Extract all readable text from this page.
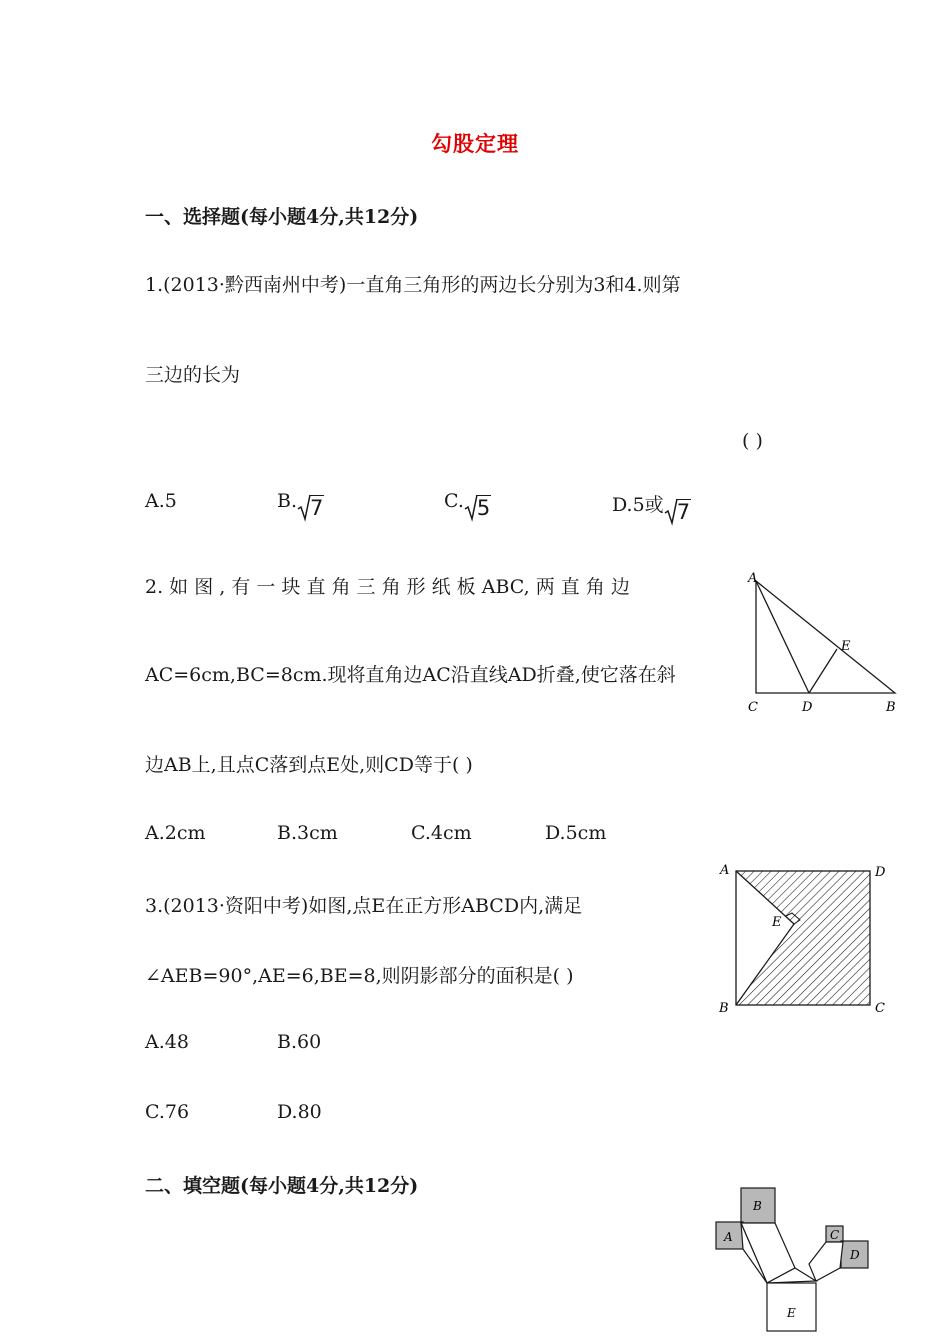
勾股定理
一、选择题(每小题4分,共12分)
1.(2013·黔西南州中考)一直角三角形的两边长分别为3和4.则第
三边的长为
( )
A.5	B. 7	C. 5	D.5或 7
2. 如 图 , 有 一 块 直 角 三 角 形 纸 板 ABC, 两 直 角 边
AC=6cm,BC=8cm.现将直角边AC沿直线AD折叠,使它落在斜
边AB上,且点C落到点E处,则CD等于( )
A
E
C	D	B
A.2cm	B.3cm	C.4cm	D.5cm
3.(2013·资阳中考)如图,点E在正方形ABCD内,满足
∠AEB=90°,AE=6,BE=8,则阴影部分的面积是( )
A	D
E
B	C
A.48	B.60
C.76	D.80
二、填空题(每小题4分,共12分)
B
A	C
D
E
